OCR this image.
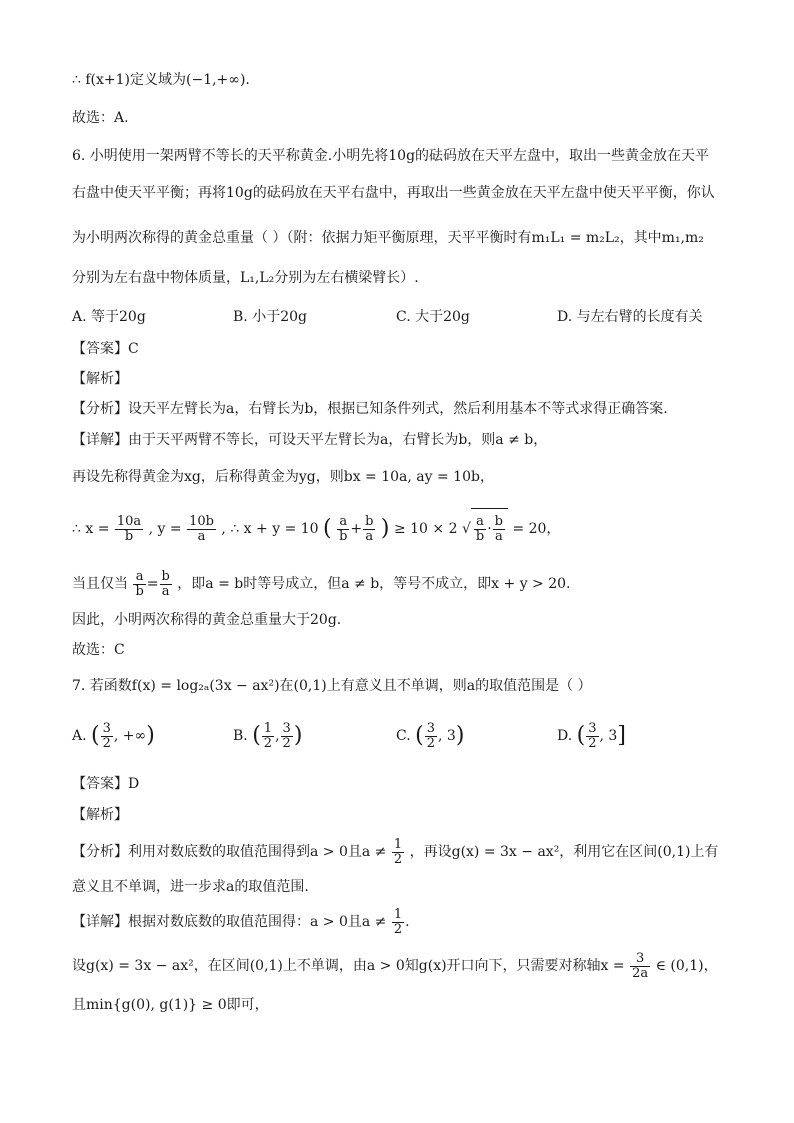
∴ f(x+1)定义域为(−1,+∞).
故选：A.
6. 小明使用一架两臂不等长的天平称黄金.小明先将10g的砝码放在天平左盘中，取出一些黄金放在天平
右盘中使天平平衡；再将10g的砝码放在天平右盘中，再取出一些黄金放在天平左盘中使天平平衡，你认
为小明两次称得的黄金总重量（ ）（附：依据力矩平衡原理，天平平衡时有m₁L₁ = m₂L₂，其中m₁,m₂
分别为左右盘中物体质量，L₁,L₂分别为左右横梁臂长）.
A. 等于20g	B. 小于20g	C. 大于20g	D. 与左右臂的长度有关
【答案】C
【解析】
【分析】设天平左臂长为a，右臂长为b，根据已知条件列式，然后利用基本不等式求得正确答案.
【详解】由于天平两臂不等长，可设天平左臂长为a，右臂长为b，则a ≠ b，
再设先称得黄金为xg，后称得黄金为yg，则bx = 10a, ay = 10b，
∴ $x = \frac{10a}{b}$ , $y = \frac{10b}{a}$ , ∴ x + y = 10 ( $\frac{a}{b} + \frac{b}{a}$ ) ≥ 10 × 2 √ $\frac{a}{b} \cdot \frac{b}{a} = 20$，
当且仅当 $\frac{a}{b} = \frac{b}{a}$ ，即a = b时等号成立，但a ≠ b，等号不成立，即x + y > 20.
因此，小明两次称得的黄金总重量大于20g.
故选：C
7. 若函数f(x) = log₂ₐ(3x − ax²)在(0,1)上有意义且不单调，则a的取值范围是（ ）
A. ( $\frac{3}{2}$ , +∞)	B. ( $\frac{1}{2}$ , $\frac{3}{2}$ )	C. ( $\frac{3}{2}$ , 3)	D. ( $\frac{3}{2}$ , 3]
【答案】D
【解析】
【分析】利用对数底数的取值范围得到a > 0且$a \ne \frac{1}{2}$ ，再设g(x) = 3x − ax²，利用它在区间(0,1)上有
意义且不单调，进一步求a的取值范围.
【详解】根据对数底数的取值范围得：a > 0且$a \ne \frac{1}{2}$ .
设g(x) = 3x − ax²，在区间(0,1)上不单调，由a > 0知g(x)开口向下，只需要对称轴$x = \frac{3}{2a}$ ∈ (0,1)，
且min{g(0), g(1)} ≥ 0即可，
